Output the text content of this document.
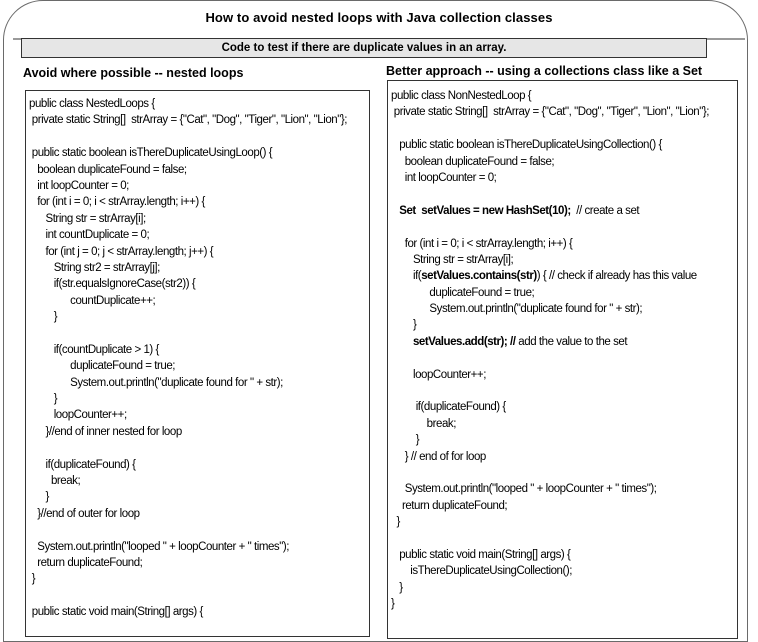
How to avoid nested loops with Java collection classes
Code to test if there are duplicate values in an array.
Avoid where possible -- nested loops	Better approach -- using a collections class like a Set
public class NestedLoops {
private static String[]  strArray = {"Cat", "Dog", "Tiger", "Lion", "Lion"};
public static boolean isThereDuplicateUsingLoop() {
boolean duplicateFound = false;
int loopCounter = 0;
for (int i = 0; i < strArray.length; i++) {
String str = strArray[i];
int countDuplicate = 0;
for (int j = 0; j < strArray.length; j++) {
String str2 = strArray[j];
if(str.equalsIgnoreCase(str2)) {
countDuplicate++;
}
if(countDuplicate > 1) {
duplicateFound = true;
System.out.println("duplicate found for " + str);
}
loopCounter++;
}//end of inner nested for loop
if(duplicateFound) {
break;
}
}//end of outer for loop
System.out.println("looped " + loopCounter + " times");
return duplicateFound;
}
public static void main(String[] args) {
public class NonNestedLoop {
private static String[]  strArray = {"Cat", "Dog", "Tiger", "Lion", "Lion"};
public static boolean isThereDuplicateUsingCollection() {
boolean duplicateFound = false;
int loopCounter = 0;
Set  setValues = new HashSet(10);  // create a set
for (int i = 0; i < strArray.length; i++) {
String str = strArray[i];
if(setValues.contains(str)) { // check if already has this value
duplicateFound = true;
System.out.println("duplicate found for " + str);
}
setValues.add(str); // add the value to the set
loopCounter++;
if(duplicateFound) {
break;
}
} // end of for loop
System.out.println("looped " + loopCounter + " times");
return duplicateFound;
}
public static void main(String[] args) {
isThereDuplicateUsingCollection();
}
}
